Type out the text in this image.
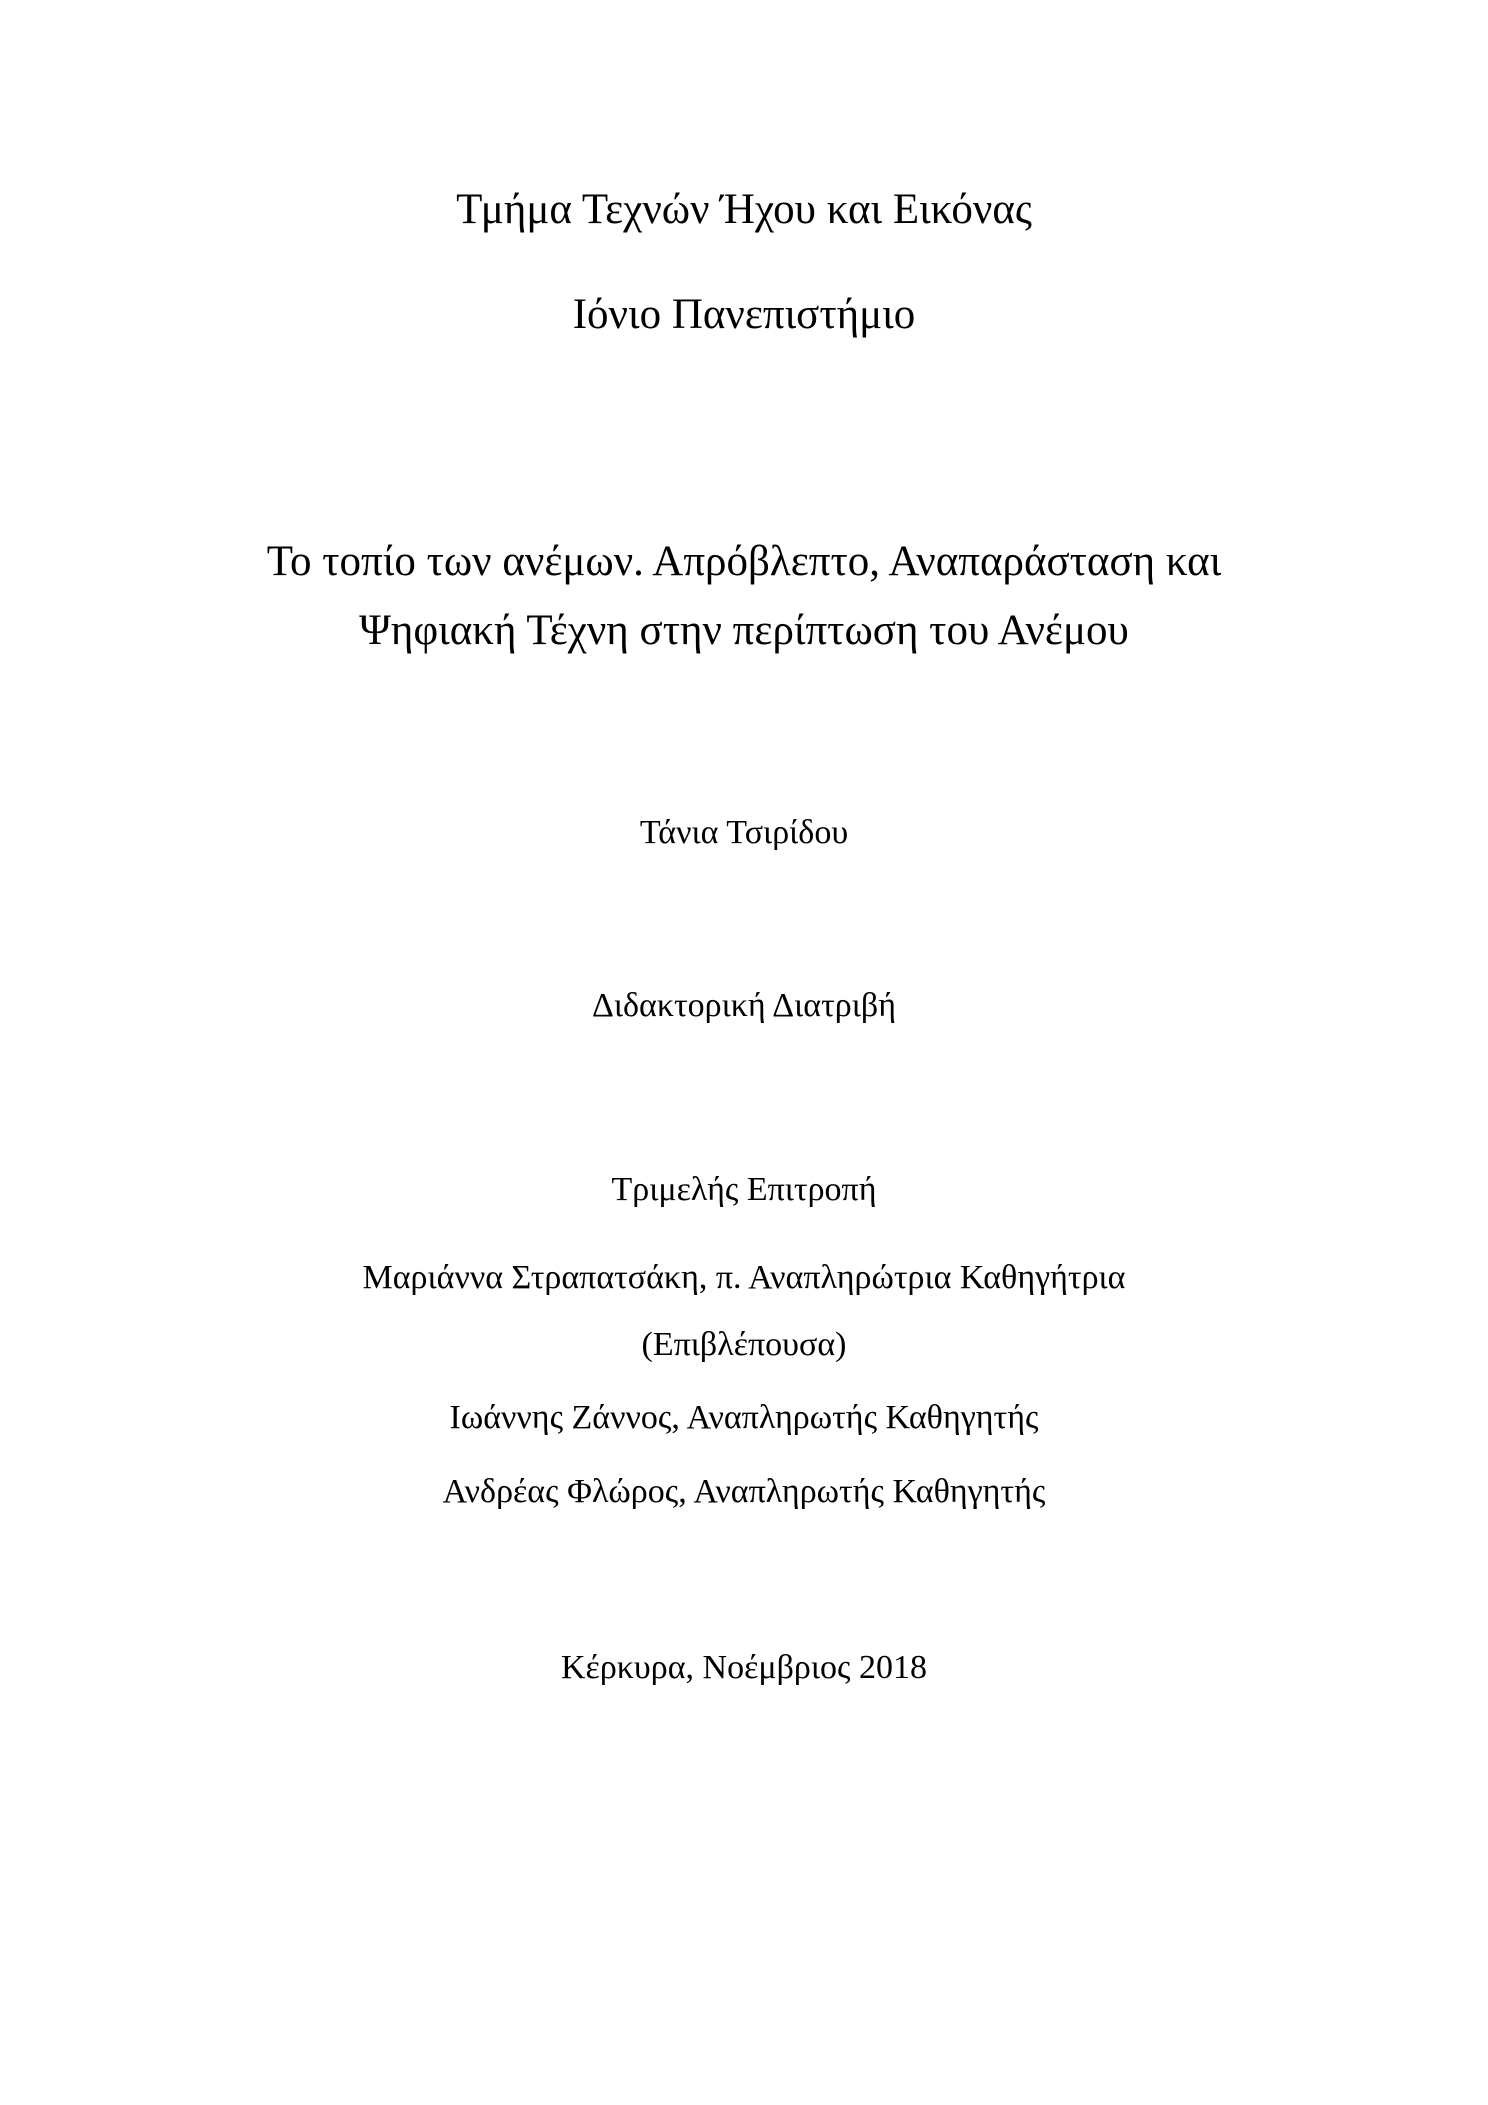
Τμήμα Τεχνών Ήχου και Εικόνας
Ιόνιο Πανεπιστήμιο
Το τοπίο των ανέμων. Απρόβλεπτο, Αναπαράσταση και
Ψηφιακή Τέχνη στην περίπτωση του Ανέμου
Τάνια Τσιρίδου
Διδακτορική Διατριβή
Τριμελής Επιτροπή
Μαριάννα Στραπατσάκη, π. Αναπληρώτρια Καθηγήτρια
(Επιβλέπουσα)
Ιωάννης Ζάννος, Αναπληρωτής Καθηγητής
Ανδρέας Φλώρος, Αναπληρωτής Καθηγητής
Κέρκυρα, Νοέμβριος 2018
